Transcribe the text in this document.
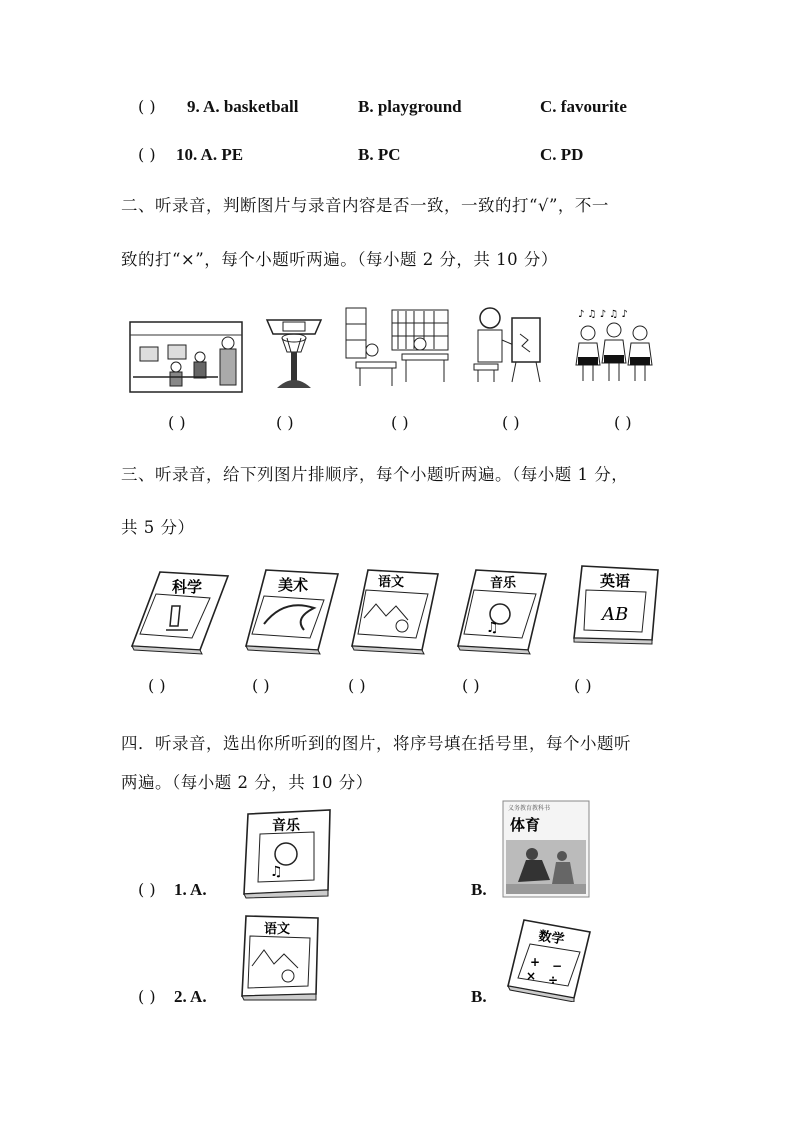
( ) 9. A. basketball	B. playground	C. favourite
( ) 10. A. PE	B. PC	C. PD
二、听录音，判断图片与录音内容是否一致，一致的打“√”，不一
致的打“×”，每个小题听两遍。（每小题 2 分，共 10 分）
♪ ♫ ♪ ♫ ♪
( )	( )	( )	( )	( )
三、听录音，给下列图片排顺序，每个小题听两遍。（每小题 1 分，
共 5 分）
科学	美术	语文	音乐
♫
英语
AB
( )	( )	( )	( )	( )
四．听录音，选出你所听到的图片，将序号填在括号里，每个小题听
两遍。（每小题 2 分，共 10 分）
( ) 1. A.
音乐
♫
B.
义务教育教科书
体育
( ) 2. A.
语文
B.
数学
+ −
× ÷
